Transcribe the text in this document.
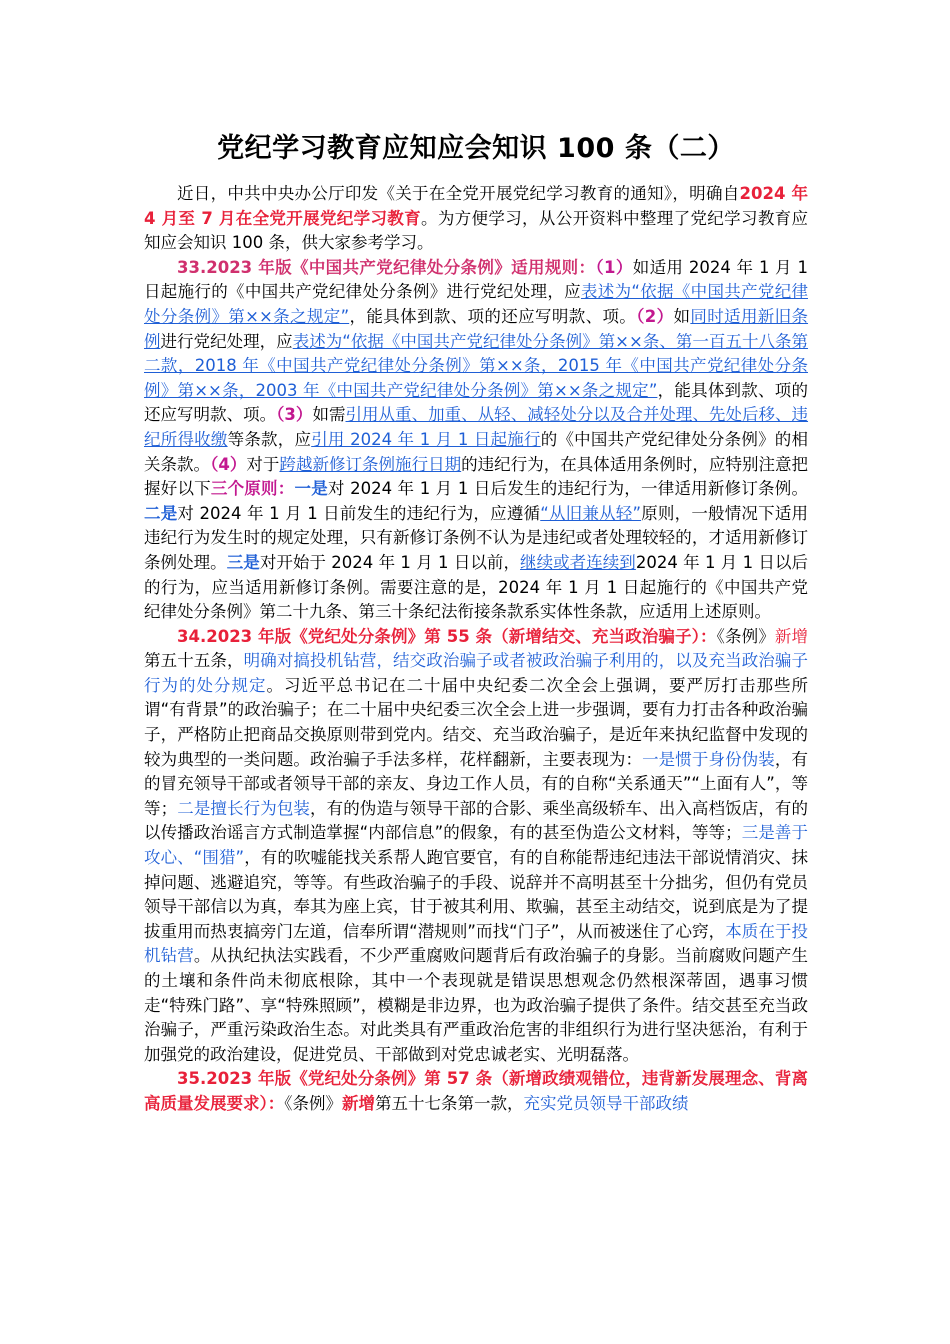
党纪学习教育应知应会知识 100 条（二）

近日，中共中央办公厅印发《关于在全党开展党纪学习教育的通知》，明确自2024 年 4 月至 7 月在全党开展党纪学习教育。为方便学习，从公开资料中整理了党纪学习教育应知应会知识 100 条，供大家参考学习。

33.2023 年版《中国共产党纪律处分条例》适用规则：（1）如适用 2024 年 1 月 1 日起施行的《中国共产党纪律处分条例》进行党纪处理，应表述为“依据《中国共产党纪律处分条例》第××条之规定”，能具体到款、项的还应写明款、项。（2）如同时适用新旧条例进行党纪处理，应表述为“依据《中国共产党纪律处分条例》第××条、第一百五十八条第二款，2018 年《中国共产党纪律处分条例》第××条，2015 年《中国共产党纪律处分条例》第××条，2003 年《中国共产党纪律处分条例》第××条之规定”，能具体到款、项的还应写明款、项。（3）如需引用从重、加重、从轻、减轻处分以及合并处理、先处后移、违纪所得收缴等条款，应引用 2024 年 1 月 1 日起施行的《中国共产党纪律处分条例》的相关条款。（4）对于跨越新修订条例施行日期的违纪行为，在具体适用条例时，应特别注意把握好以下三个原则：一是对 2024 年 1 月 1 日后发生的违纪行为，一律适用新修订条例。二是对 2024 年 1 月 1 日前发生的违纪行为，应遵循“从旧兼从轻”原则，一般情况下适用违纪行为发生时的规定处理，只有新修订条例不认为是违纪或者处理较轻的，才适用新修订条例处理。三是对开始于 2024 年 1 月 1 日以前，继续或者连续到2024 年 1 月 1 日以后的行为，应当适用新修订条例。需要注意的是，2024 年 1 月 1 日起施行的《中国共产党纪律处分条例》第二十九条、第三十条纪法衔接条款系实体性条款，应适用上述原则。

34.2023 年版《党纪处分条例》第 55 条（新增结交、充当政治骗子）：《条例》新增第五十五条，明确对搞投机钻营，结交政治骗子或者被政治骗子利用的，以及充当政治骗子行为的处分规定。习近平总书记在二十届中央纪委二次全会上强调，要严厉打击那些所谓“有背景”的政治骗子；在二十届中央纪委三次全会上进一步强调，要有力打击各种政治骗子，严格防止把商品交换原则带到党内。结交、充当政治骗子，是近年来执纪监督中发现的较为典型的一类问题。政治骗子手法多样，花样翻新，主要表现为：一是惯于身份伪装，有的冒充领导干部或者领导干部的亲友、身边工作人员，有的自称“关系通天”“上面有人”，等等；二是擅长行为包装，有的伪造与领导干部的合影、乘坐高级轿车、出入高档饭店，有的以传播政治谣言方式制造掌握“内部信息”的假象，有的甚至伪造公文材料，等等；三是善于攻心、“围猎”，有的吹嘘能找关系帮人跑官要官，有的自称能帮违纪违法干部说情消灾、抹掉问题、逃避追究，等等。有些政治骗子的手段、说辞并不高明甚至十分拙劣，但仍有党员领导干部信以为真，奉其为座上宾，甘于被其利用、欺骗，甚至主动结交，说到底是为了提拔重用而热衷搞旁门左道，信奉所谓“潜规则”而找“门子”，从而被迷住了心窍，本质在于投机钻营。从执纪执法实践看，不少严重腐败问题背后有政治骗子的身影。当前腐败问题产生的土壤和条件尚未彻底根除，其中一个表现就是错误思想观念仍然根深蒂固，遇事习惯走“特殊门路”、享“特殊照顾”，模糊是非边界，也为政治骗子提供了条件。结交甚至充当政治骗子，严重污染政治生态。对此类具有严重政治危害的非组织行为进行坚决惩治，有利于加强党的政治建设，促进党员、干部做到对党忠诚老实、光明磊落。

35.2023 年版《党纪处分条例》第 57 条（新增政绩观错位，违背新发展理念、背离高质量发展要求）：《条例》新增第五十七条第一款，充实党员领导干部政绩
